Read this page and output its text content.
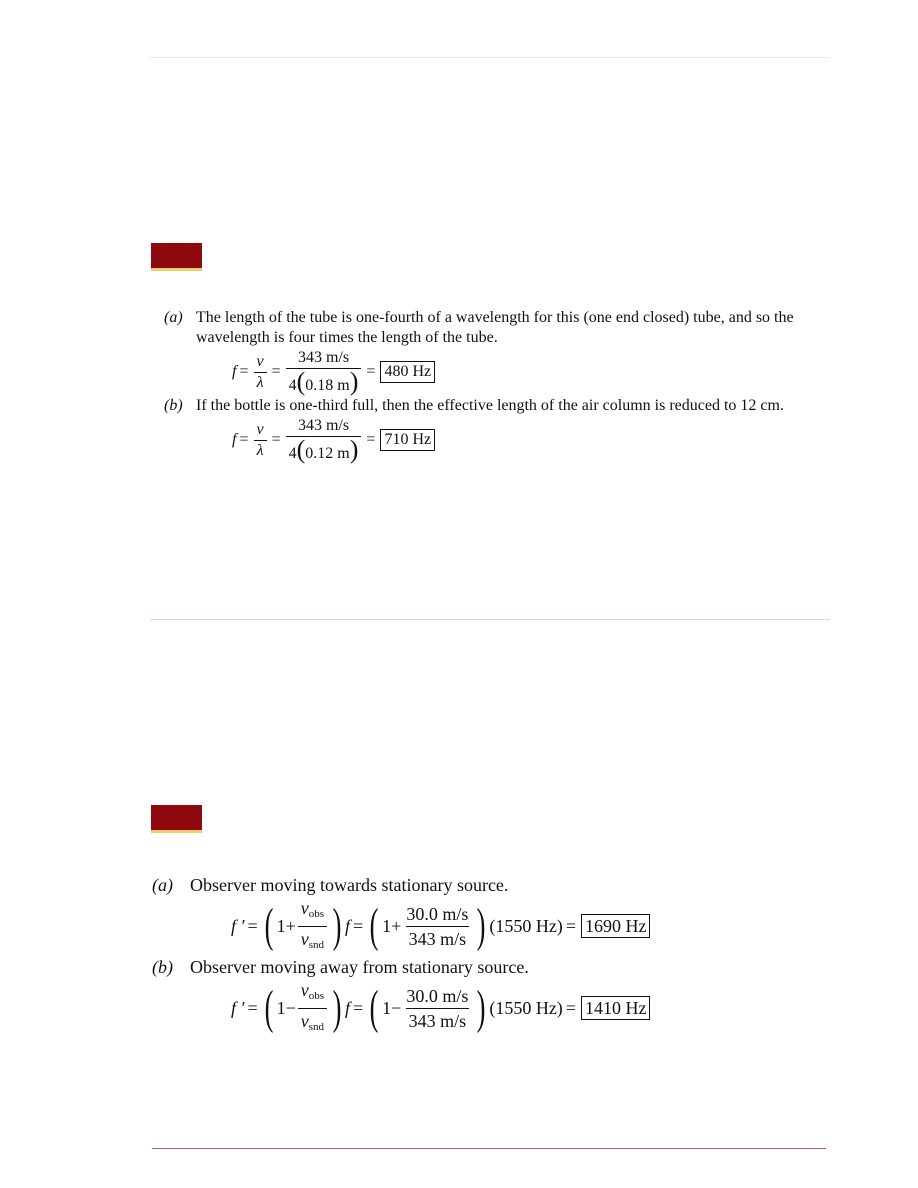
(a) The length of the tube is one-fourth of a wavelength for this (one end closed) tube, and so the wavelength is four times the length of the tube.
$f = \frac{v}{\lambda} = \frac{343 m/s}{4(0.18 m)} = 480$ Hz
(b) If the bottle is one-third full, then the effective length of the air column is reduced to 12 cm.
$f = \frac{v}{\lambda} = \frac{343 m/s}{4(0.12 m)} = 710$ Hz
(a) Observer moving towards stationary source.
f ′ = ( $1 + \frac{v_{obs}}{v_{snd}}$ ) f = ( $1 + \frac{30.0 m/s}{343 m/s}$ ) (1550 Hz) = 1690 Hz
(b) Observer moving away from stationary source.
f ′ = ( $1 - \frac{v_{obs}}{v_{snd}}$ ) f = ( $1 - \frac{30.0 m/s}{343 m/s}$ ) (1550 Hz) = 1410 Hz
